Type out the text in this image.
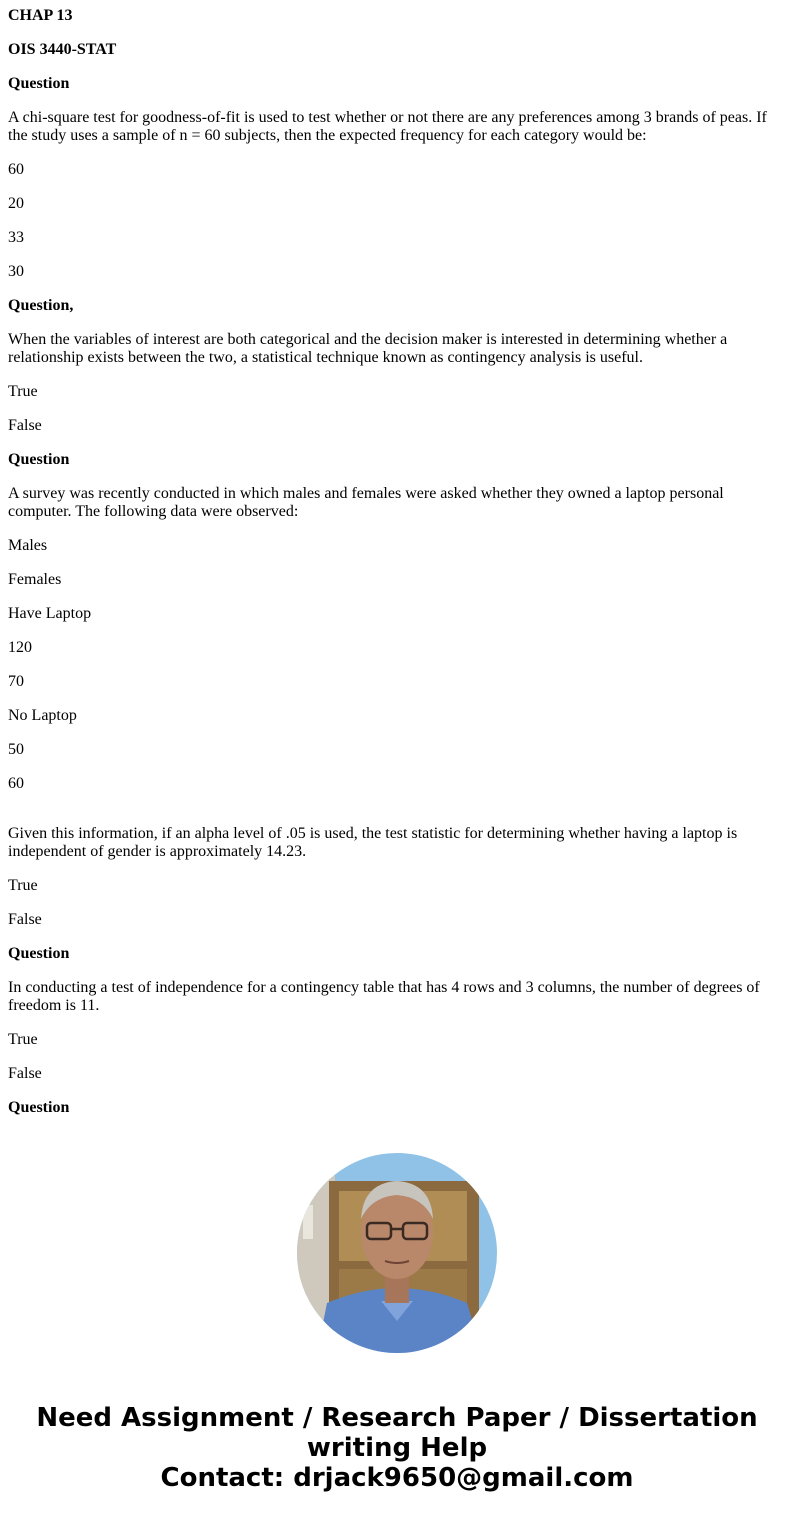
CHAP 13

OIS 3440-STAT

Question

A chi-square test for goodness-of-fit is used to test whether or not there are any preferences among 3 brands of peas. If the study uses a sample of n = 60 subjects, then the expected frequency for each category would be:

60

20

33

30

Question,

When the variables of interest are both categorical and the decision maker is interested in determining whether a relationship exists between the two, a statistical technique known as contingency analysis is useful.

True

False

Question

A survey was recently conducted in which males and females were asked whether they owned a laptop personal computer. The following data were observed:

Males

Females

Have Laptop

120

70

No Laptop

50

60

Given this information, if an alpha level of .05 is used, the test statistic for determining whether having a laptop is independent of gender is approximately 14.23.

True

False

Question

In conducting a test of independence for a contingency table that has 4 rows and 3 columns, the number of degrees of freedom is 11.

True

False

Question

Need Assignment / Research Paper / Dissertation
writing Help
Contact: drjack9650@gmail.com
